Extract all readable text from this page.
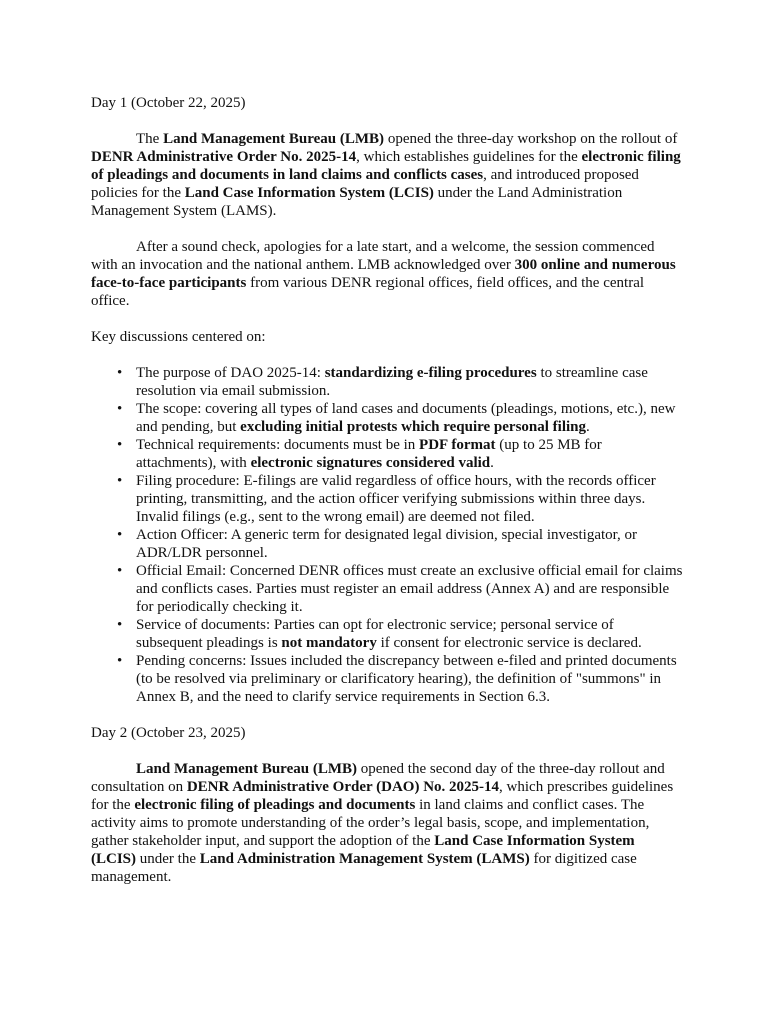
Day 1 (October 22, 2025)

The Land Management Bureau (LMB) opened the three-day workshop on the rollout of DENR Administrative Order No. 2025-14, which establishes guidelines for the electronic filing of pleadings and documents in land claims and conflicts cases, and introduced proposed policies for the Land Case Information System (LCIS) under the Land Administration Management System (LAMS).

After a sound check, apologies for a late start, and a welcome, the session commenced with an invocation and the national anthem. LMB acknowledged over 300 online and numerous face-to-face participants from various DENR regional offices, field offices, and the central office.

Key discussions centered on:

• The purpose of DAO 2025-14: standardizing e-filing procedures to streamline case resolution via email submission.
• The scope: covering all types of land cases and documents (pleadings, motions, etc.), new and pending, but excluding initial protests which require personal filing.
• Technical requirements: documents must be in PDF format (up to 25 MB for attachments), with electronic signatures considered valid.
• Filing procedure: E-filings are valid regardless of office hours, with the records officer printing, transmitting, and the action officer verifying submissions within three days. Invalid filings (e.g., sent to the wrong email) are deemed not filed.
• Action Officer: A generic term for designated legal division, special investigator, or ADR/LDR personnel.
• Official Email: Concerned DENR offices must create an exclusive official email for claims and conflicts cases. Parties must register an email address (Annex A) and are responsible for periodically checking it.
• Service of documents: Parties can opt for electronic service; personal service of subsequent pleadings is not mandatory if consent for electronic service is declared.
• Pending concerns: Issues included the discrepancy between e-filed and printed documents (to be resolved via preliminary or clarificatory hearing), the definition of "summons" in Annex B, and the need to clarify service requirements in Section 6.3.

Day 2 (October 23, 2025)

Land Management Bureau (LMB) opened the second day of the three-day rollout and consultation on DENR Administrative Order (DAO) No. 2025-14, which prescribes guidelines for the electronic filing of pleadings and documents in land claims and conflict cases. The activity aims to promote understanding of the order’s legal basis, scope, and implementation, gather stakeholder input, and support the adoption of the Land Case Information System (LCIS) under the Land Administration Management System (LAMS) for digitized case management.
